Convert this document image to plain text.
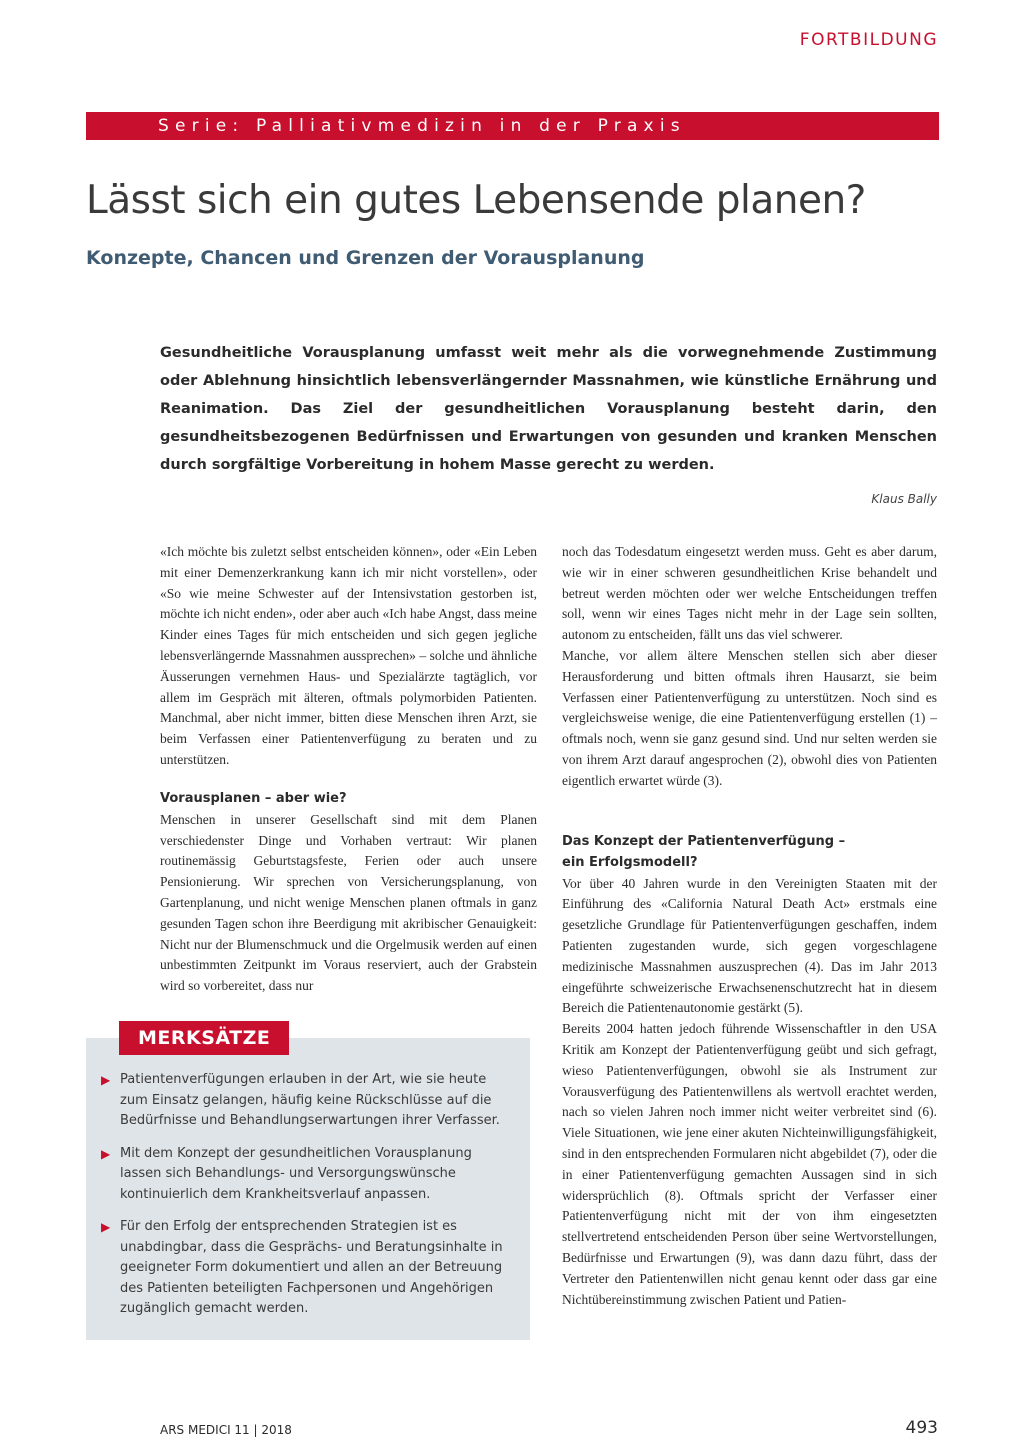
FORTBILDUNG
Serie: Palliativmedizin in der Praxis
Lässt sich ein gutes Lebensende planen?
Konzepte, Chancen und Grenzen der Vorausplanung

Gesundheitliche Vorausplanung umfasst weit mehr als die vorwegnehmende Zustimmung oder Ablehnung hinsichtlich lebensverlängernder Massnahmen, wie künstliche Ernährung und Reanimation. Das Ziel der gesundheitlichen Vorausplanung besteht darin, den gesundheitsbezogenen Bedürfnissen und Erwartungen von gesunden und kranken Menschen durch sorgfältige Vorbereitung in hohem Masse gerecht zu werden.

Klaus Bally

«Ich möchte bis zuletzt selbst entscheiden können», oder «Ein Leben mit einer Demenzerkrankung kann ich mir nicht vorstellen», oder «So wie meine Schwester auf der Intensivstation gestorben ist, möchte ich nicht enden», oder aber auch «Ich habe Angst, dass meine Kinder eines Tages für mich entscheiden und sich gegen jegliche lebensverlängernde Massnahmen aussprechen» – solche und ähnliche Äusserungen vernehmen Haus- und Spezialärzte tagtäglich, vor allem im Gespräch mit älteren, oftmals polymorbiden Patienten. Manchmal, aber nicht immer, bitten diese Menschen ihren Arzt, sie beim Verfassen einer Patientenverfügung zu beraten und zu unterstützen.

Vorausplanen – aber wie?

Menschen in unserer Gesellschaft sind mit dem Planen verschiedenster Dinge und Vorhaben vertraut: Wir planen routinemässig Geburtstagsfeste, Ferien oder auch unsere Pensionierung. Wir sprechen von Versicherungsplanung, von Gartenplanung, und nicht wenige Menschen planen oftmals in ganz gesunden Tagen schon ihre Beerdigung mit akribischer Genauigkeit: Nicht nur der Blumenschmuck und die Orgelmusik werden auf einen unbestimmten Zeitpunkt im Voraus reserviert, auch der Grabstein wird so vorbereitet, dass nur

noch das Todesdatum eingesetzt werden muss. Geht es aber darum, wie wir in einer schweren gesundheitlichen Krise behandelt und betreut werden möchten oder wer welche Entscheidungen treffen soll, wenn wir eines Tages nicht mehr in der Lage sein sollten, autonom zu entscheiden, fällt uns das viel schwerer.

Manche, vor allem ältere Menschen stellen sich aber dieser Herausforderung und bitten oftmals ihren Hausarzt, sie beim Verfassen einer Patientenverfügung zu unterstützen. Noch sind es vergleichsweise wenige, die eine Patientenverfügung erstellen (1) – oftmals noch, wenn sie ganz gesund sind. Und nur selten werden sie von ihrem Arzt darauf angesprochen (2), obwohl dies von Patienten eigentlich erwartet würde (3).

Das Konzept der Patientenverfügung –
ein Erfolgsmodell?

Vor über 40 Jahren wurde in den Vereinigten Staaten mit der Einführung des «California Natural Death Act» erstmals eine gesetzliche Grundlage für Patientenverfügungen geschaffen, indem Patienten zugestanden wurde, sich gegen vorgeschlagene medizinische Massnahmen auszusprechen (4). Das im Jahr 2013 eingeführte schweizerische Erwachsenenschutzrecht hat in diesem Bereich die Patientenautonomie gestärkt (5).

Bereits 2004 hatten jedoch führende Wissenschaftler in den USA Kritik am Konzept der Patientenverfügung geübt und sich gefragt, wieso Patientenverfügungen, obwohl sie als Instrument zur Vorausverfügung des Patientenwillens als wertvoll erachtet werden, nach so vielen Jahren noch immer nicht weiter verbreitet sind (6). Viele Situationen, wie jene einer akuten Nichteinwilligungsfähigkeit, sind in den entsprechenden Formularen nicht abgebildet (7), oder die in einer Patientenverfügung gemachten Aussagen sind in sich widersprüchlich (8). Oftmals spricht der Verfasser einer Patientenverfügung nicht mit der von ihm eingesetzten stellvertretend entscheidenden Person über seine Wertvorstellungen, Bedürfnisse und Erwartungen (9), was dann dazu führt, dass der Vertreter den Patientenwillen nicht genau kennt oder dass gar eine Nichtübereinstimmung zwischen Patient und Patien-

MERKSÄTZE
▶ Patientenverfügungen erlauben in der Art, wie sie heute zum Einsatz gelangen, häufig keine Rückschlüsse auf die Bedürfnisse und Behandlungserwartungen ihrer Verfasser.
▶ Mit dem Konzept der gesundheitlichen Vorausplanung lassen sich Behandlungs- und Versorgungswünsche kontinuierlich dem Krankheitsverlauf anpassen.
▶ Für den Erfolg der entsprechenden Strategien ist es unabdingbar, dass die Gesprächs- und Beratungsinhalte in geeigneter Form dokumentiert und allen an der Betreuung des Patienten beteiligten Fachpersonen und Angehörigen zugänglich gemacht werden.
ARS MEDICI 11 | 2018	493
